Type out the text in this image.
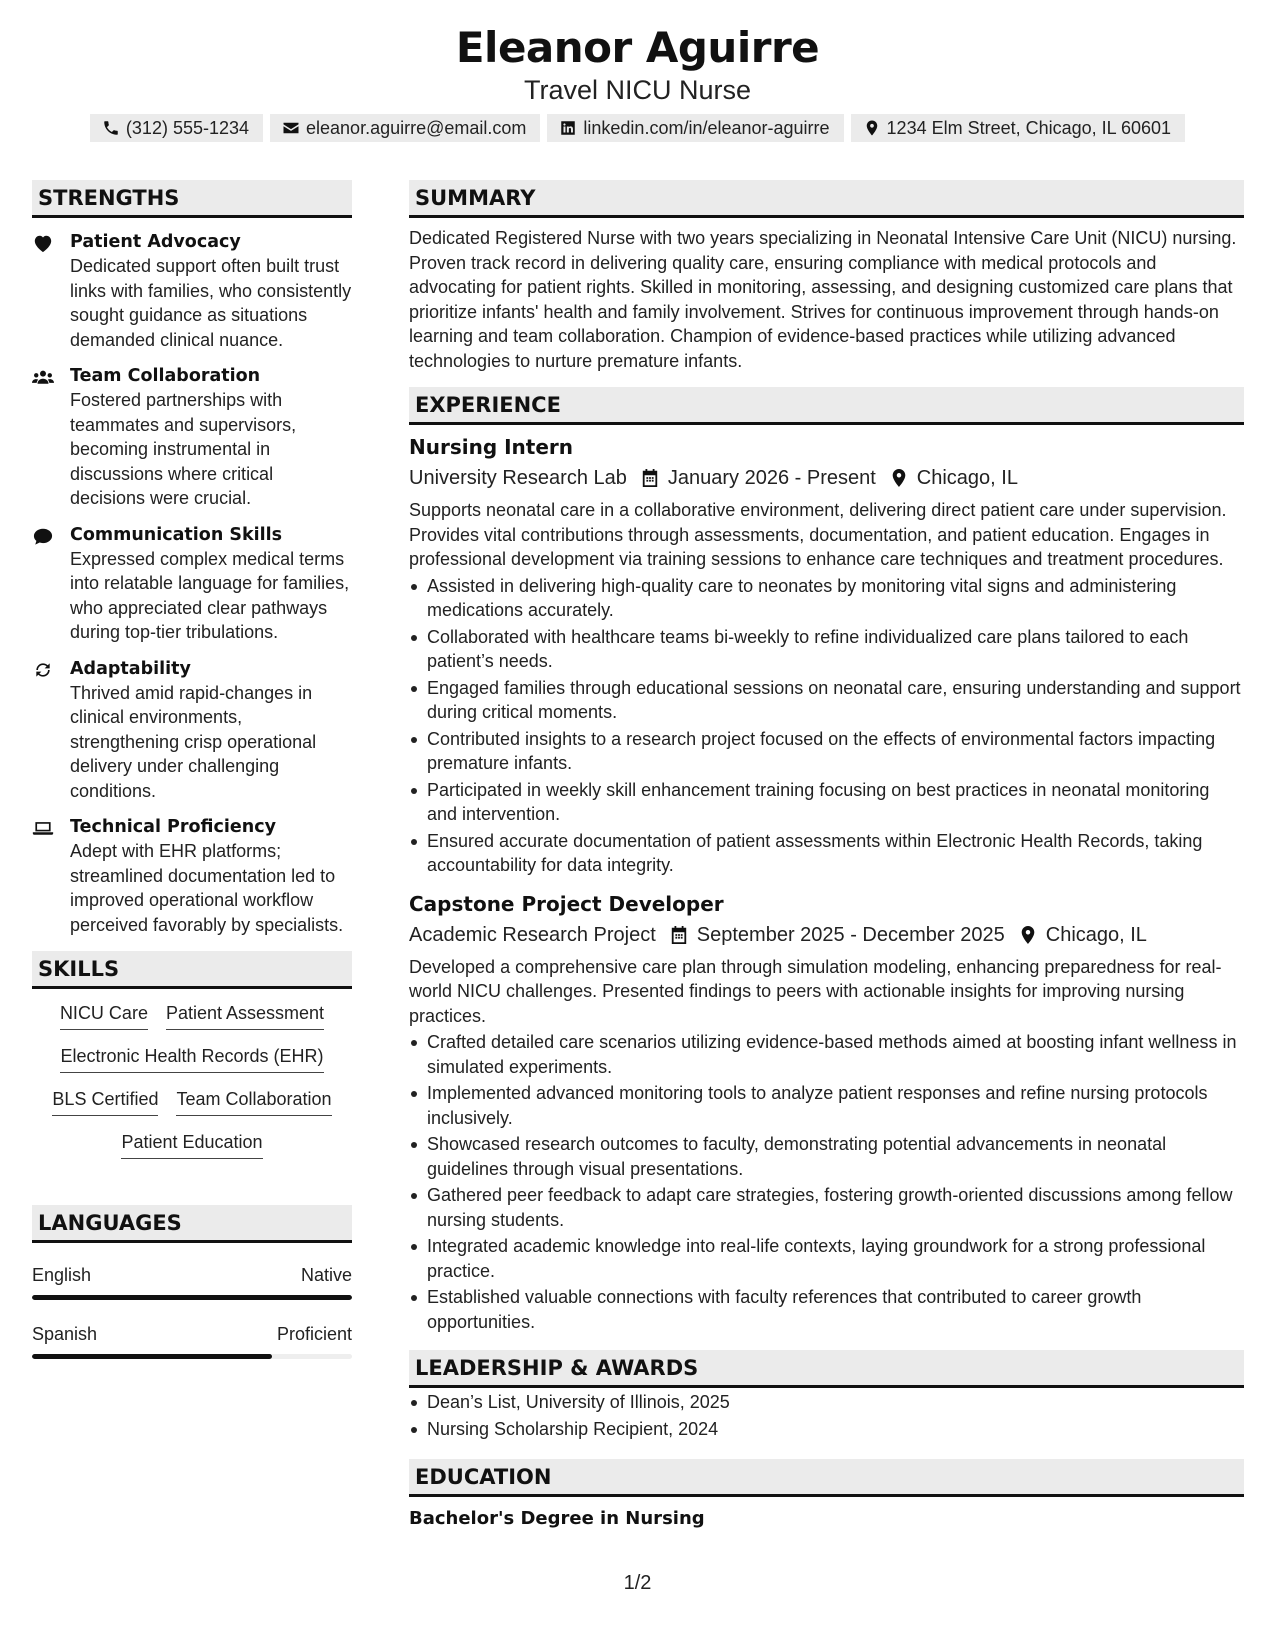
Eleanor Aguirre
Travel NICU Nurse
(312) 555-1234	eleanor.aguirre@email.com	linkedin.com/in/eleanor-aguirre	1234 Elm Street, Chicago, IL 60601
STRENGTHS
Patient Advocacy
Dedicated support often built trust links with families, who consistently sought guidance as situations demanded clinical nuance.
Team Collaboration
Fostered partnerships with teammates and supervisors, becoming instrumental in discussions where critical decisions were crucial.
Communication Skills
Expressed complex medical terms into relatable language for families, who appreciated clear pathways during top-tier tribulations.
Adaptability
Thrived amid rapid-changes in clinical environments, strengthening crisp operational delivery under challenging conditions.
Technical Proficiency
Adept with EHR platforms; streamlined documentation led to improved operational workflow perceived favorably by specialists.
SKILLS
NICU Care Patient Assessment
Electronic Health Records (EHR)
BLS Certified Team Collaboration
Patient Education
LANGUAGES
English	Native
Spanish	Proficient
SUMMARY
Dedicated Registered Nurse with two years specializing in Neonatal Intensive Care Unit (NICU) nursing. Proven track record in delivering quality care, ensuring compliance with medical protocols and advocating for patient rights. Skilled in monitoring, assessing, and designing customized care plans that prioritize infants' health and family involvement. Strives for continuous improvement through hands-on learning and team collaboration. Champion of evidence-based practices while utilizing advanced technologies to nurture premature infants.
EXPERIENCE
Nursing Intern
University Research Lab January 2026 - Present Chicago, IL
Supports neonatal care in a collaborative environment, delivering direct patient care under supervision. Provides vital contributions through assessments, documentation, and patient education. Engages in professional development via training sessions to enhance care techniques and treatment procedures.
Assisted in delivering high-quality care to neonates by monitoring vital signs and administering medications accurately.
Collaborated with healthcare teams bi-weekly to refine individualized care plans tailored to each patient’s needs.
Engaged families through educational sessions on neonatal care, ensuring understanding and support during critical moments.
Contributed insights to a research project focused on the effects of environmental factors impacting premature infants.
Participated in weekly skill enhancement training focusing on best practices in neonatal monitoring and intervention.
Ensured accurate documentation of patient assessments within Electronic Health Records, taking accountability for data integrity.
Capstone Project Developer
Academic Research Project September 2025 - December 2025 Chicago, IL
Developed a comprehensive care plan through simulation modeling, enhancing preparedness for real-world NICU challenges. Presented findings to peers with actionable insights for improving nursing practices.
Crafted detailed care scenarios utilizing evidence-based methods aimed at boosting infant wellness in simulated experiments.
Implemented advanced monitoring tools to analyze patient responses and refine nursing protocols inclusively.
Showcased research outcomes to faculty, demonstrating potential advancements in neonatal guidelines through visual presentations.
Gathered peer feedback to adapt care strategies, fostering growth-oriented discussions among fellow nursing students.
Integrated academic knowledge into real-life contexts, laying groundwork for a strong professional practice.
Established valuable connections with faculty references that contributed to career growth opportunities.
LEADERSHIP & AWARDS
Dean’s List, University of Illinois, 2025
Nursing Scholarship Recipient, 2024
EDUCATION
Bachelor's Degree in Nursing
1/2
